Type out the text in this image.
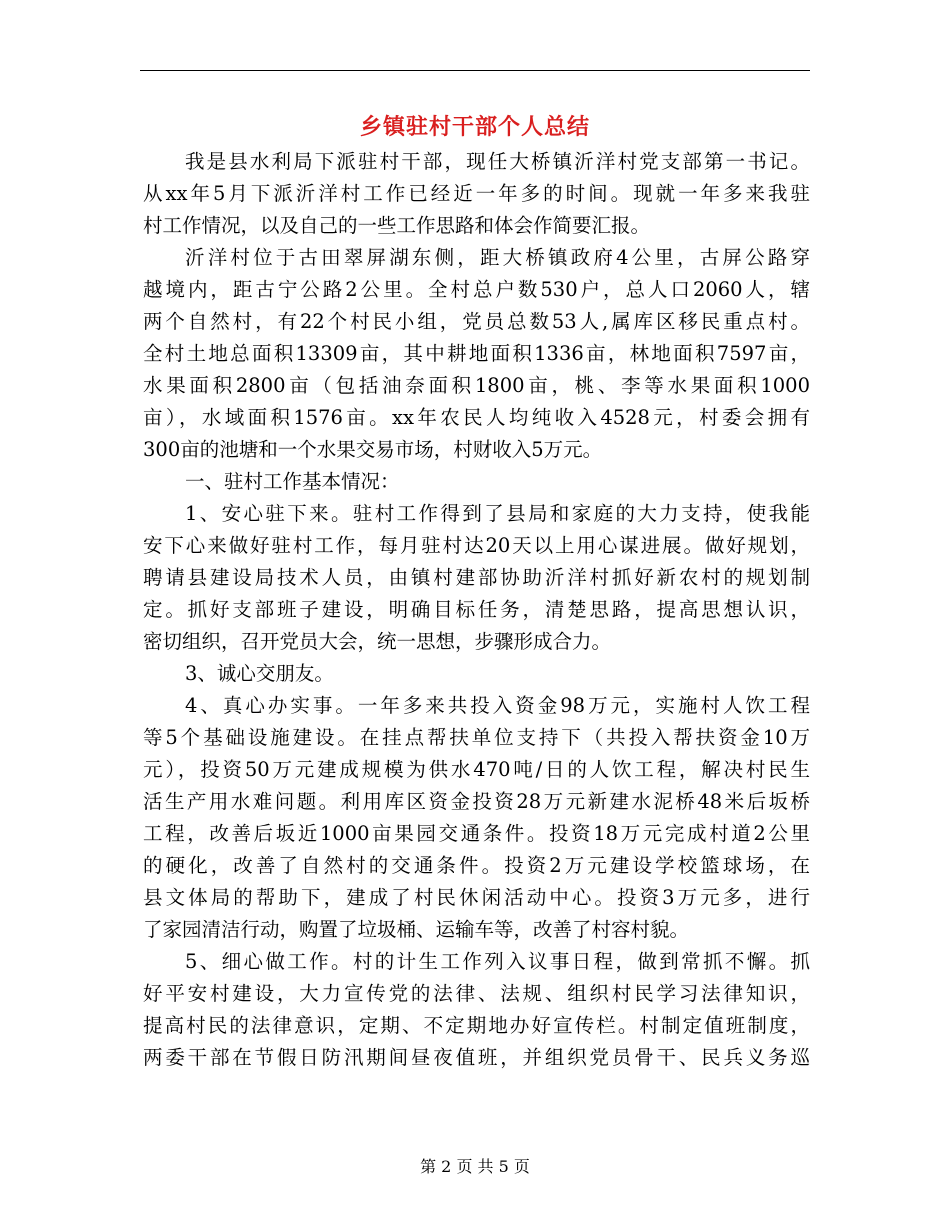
乡镇驻村干部个人总结
我是县水利局下派驻村干部，现任大桥镇沂洋村党支部第一书记。
从xx年5月下派沂洋村工作已经近一年多的时间。现就一年多来我驻
村工作情况，以及自己的一些工作思路和体会作简要汇报。
沂洋村位于古田翠屏湖东侧，距大桥镇政府4公里，古屏公路穿
越境内，距古宁公路2公里。全村总户数530户，总人口2060人，辖
两个自然村，有22个村民小组，党员总数53人,属库区移民重点村。
全村土地总面积13309亩，其中耕地面积1336亩，林地面积7597亩，
水果面积2800亩（包括油奈面积1800亩，桃、李等水果面积1000
亩），水域面积1576亩。xx年农民人均纯收入4528元，村委会拥有
300亩的池塘和一个水果交易市场，村财收入5万元。
一、驻村工作基本情况：
1、安心驻下来。驻村工作得到了县局和家庭的大力支持，使我能
安下心来做好驻村工作，每月驻村达20天以上用心谋进展。做好规划，
聘请县建设局技术人员，由镇村建部协助沂洋村抓好新农村的规划制
定。抓好支部班子建设，明确目标任务，清楚思路，提高思想认识，
密切组织，召开党员大会，统一思想，步骤形成合力。
3、诚心交朋友。
4、真心办实事。一年多来共投入资金98万元，实施村人饮工程
等5个基础设施建设。在挂点帮扶单位支持下（共投入帮扶资金10万
元），投资50万元建成规模为供水470吨/日的人饮工程，解决村民生
活生产用水难问题。利用库区资金投资28万元新建水泥桥48米后坂桥
工程，改善后坂近1000亩果园交通条件。投资18万元完成村道2公里
的硬化，改善了自然村的交通条件。投资2万元建设学校篮球场，在
县文体局的帮助下，建成了村民休闲活动中心。投资3万元多，进行
了家园清洁行动，购置了垃圾桶、运输车等，改善了村容村貌。
5、细心做工作。村的计生工作列入议事日程，做到常抓不懈。抓
好平安村建设，大力宣传党的法律、法规、组织村民学习法律知识，
提高村民的法律意识，定期、不定期地办好宣传栏。村制定值班制度，
两委干部在节假日防汛期间昼夜值班，并组织党员骨干、民兵义务巡
第 2 页 共 5 页
